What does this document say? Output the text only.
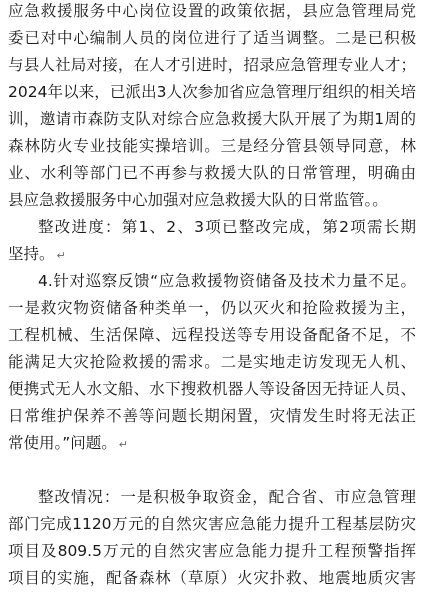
应急救援服务中心岗位设置的政策依据，县应急管理局党
委已对中心编制人员的岗位进行了适当调整。二是已积极
与县人社局对接，在人才引进时，招录应急管理专业人才；
2024年以来，已派出3人次参加省应急管理厅组织的相关培
训，邀请市森防支队对综合应急救援大队开展了为期1周的
森林防火专业技能实操培训。三是经分管县领导同意，林
业、水利等部门已不再参与救援大队的日常管理，明确由
县应急救援服务中心加强对应急救援大队的日常监管。。
整改进度：第1、2、3项已整改完成，第2项需长期
坚持。 ↵
4.针对巡察反馈“应急救援物资储备及技术力量不足。
一是救灾物资储备种类单一，仍以灭火和抢险救援为主，
工程机械、生活保障、远程投送等专用设备配备不足，不
能满足大灾抢险救援的需求。二是实地走访发现无人机、
便携式无人水文船、水下搜救机器人等设备因无持证人员、
日常维护保养不善等问题长期闲置，灾情发生时将无法正
常使用。”问题。 ↵
整改情况：一是积极争取资金，配合省、市应急管理
部门完成1120万元的自然灾害应急能力提升工程基层防灾
项目及809.5万元的自然灾害应急能力提升工程预警指挥
项目的实施，配备森林（草原）火灾扑救、地震地质灾害
